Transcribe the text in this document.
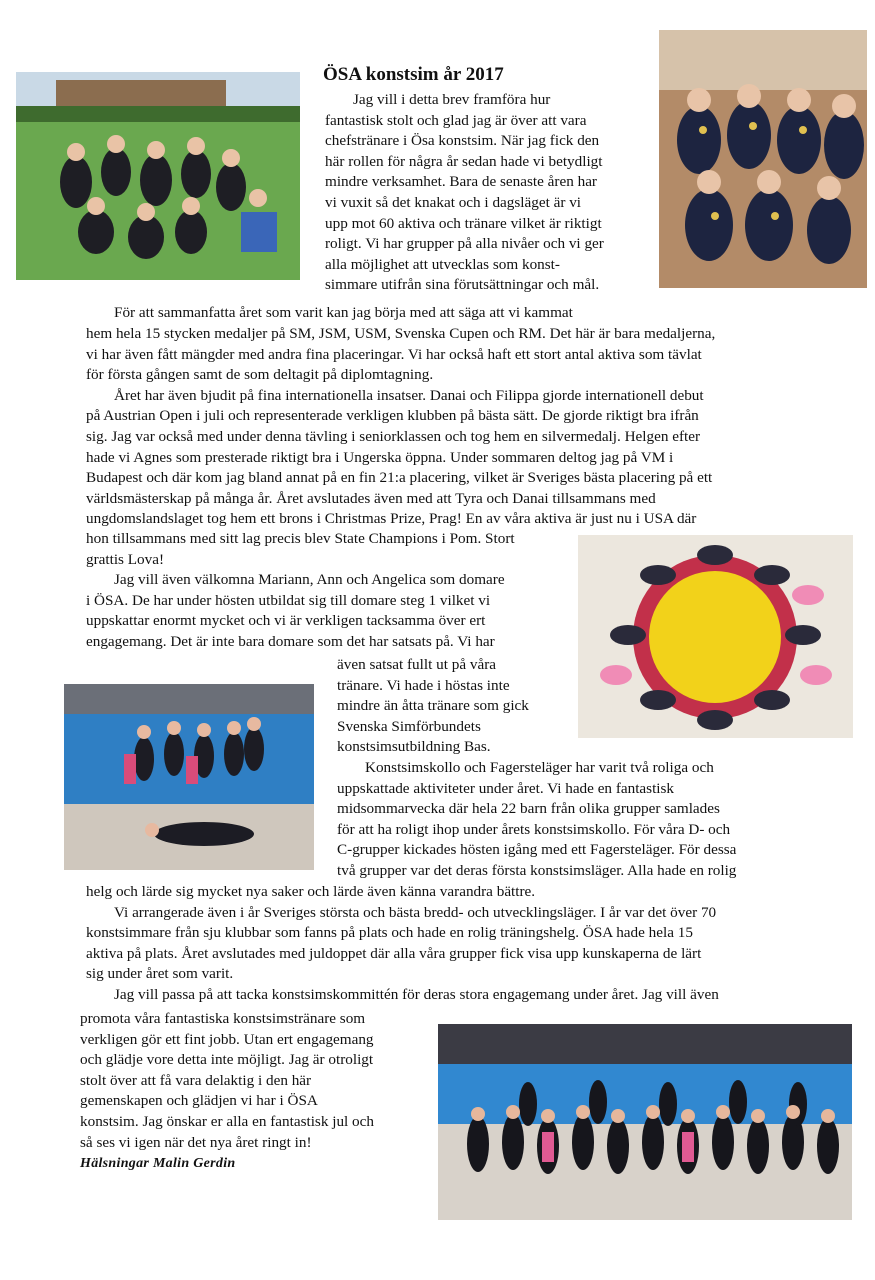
ÖSA konstsim år 2017

Jag vill i detta brev framföra hur

fantastisk stolt och glad jag är över att vara

chefstränare i Ösa konstsim. När jag fick den

här rollen för några år sedan hade vi betydligt

mindre verksamhet. Bara de senaste åren har

vi vuxit så det knakat och i dagsläget är vi

upp mot 60 aktiva och tränare vilket är riktigt

roligt. Vi har grupper på alla nivåer och vi ger

alla möjlighet att utvecklas som konst-

simmare utifrån sina förutsättningar och mål.

För att sammanfatta året som varit kan jag börja med att säga att vi kammat

hem hela 15 stycken medaljer på SM, JSM, USM, Svenska Cupen och RM. Det här är bara medaljerna,

vi har även fått mängder med andra fina placeringar. Vi har också haft ett stort antal aktiva som tävlat

för första gången samt de som deltagit på diplomtagning.

Året har även bjudit på fina internationella insatser. Danai och Filippa gjorde internationell debut

på Austrian Open i juli och representerade verkligen klubben på bästa sätt. De gjorde riktigt bra ifrån

sig. Jag var också med under denna tävling i seniorklassen och tog hem en silvermedalj. Helgen efter

hade vi Agnes som presterade riktigt bra i Ungerska öppna. Under sommaren deltog jag på VM i

Budapest och där kom jag bland annat på en fin 21:a placering, vilket är Sveriges bästa placering på ett

världsmästerskap på många år. Året avslutades även med att Tyra och Danai tillsammans med

ungdomslandslaget tog hem ett brons i Christmas Prize, Prag! En av våra aktiva är just nu i USA där

hon tillsammans med sitt lag precis blev State Champions i Pom. Stort

grattis Lova!

Jag vill även välkomna Mariann, Ann och Angelica som domare

i ÖSA. De har under hösten utbildat sig till domare steg 1 vilket vi

uppskattar enormt mycket och vi är verkligen tacksamma över ert

engagemang. Det är inte bara domare som det har satsats på. Vi har

även satsat fullt ut på våra

tränare. Vi hade i höstas inte

mindre än åtta tränare som gick

Svenska Simförbundets

konstsimsutbildning Bas.

Konstsimskollo och Fagersteläger har varit två roliga och

uppskattade aktiviteter under året. Vi hade en fantastisk

midsommarvecka där hela 22 barn från olika grupper samlades

för att ha roligt ihop under årets konstsimskollo. För våra D- och

C-grupper kickades hösten igång med ett Fagersteläger. För dessa

två grupper var det deras första konstsimsläger. Alla hade en rolig

helg och lärde sig mycket nya saker och lärde även känna varandra bättre.

Vi arrangerade även i år Sveriges största och bästa bredd- och utvecklingsläger. I år var det över 70

konstsimmare från sju klubbar som fanns på plats och hade en rolig träningshelg. ÖSA hade hela 15

aktiva på plats. Året avslutades med juldoppet där alla våra grupper fick visa upp kunskaperna de lärt

sig under året som varit.

Jag vill passa på att tacka konstsimskommittén för deras stora engagemang under året. Jag vill även

promota våra fantastiska konstsimstränare som

verkligen gör ett fint jobb. Utan ert engagemang

och glädje vore detta inte möjligt. Jag är otroligt

stolt över att få vara delaktig i den här

gemenskapen och glädjen vi har i ÖSA

konstsim. Jag önskar er alla en fantastisk jul och

så ses vi igen när det nya året ringt in!

Hälsningar Malin Gerdin
